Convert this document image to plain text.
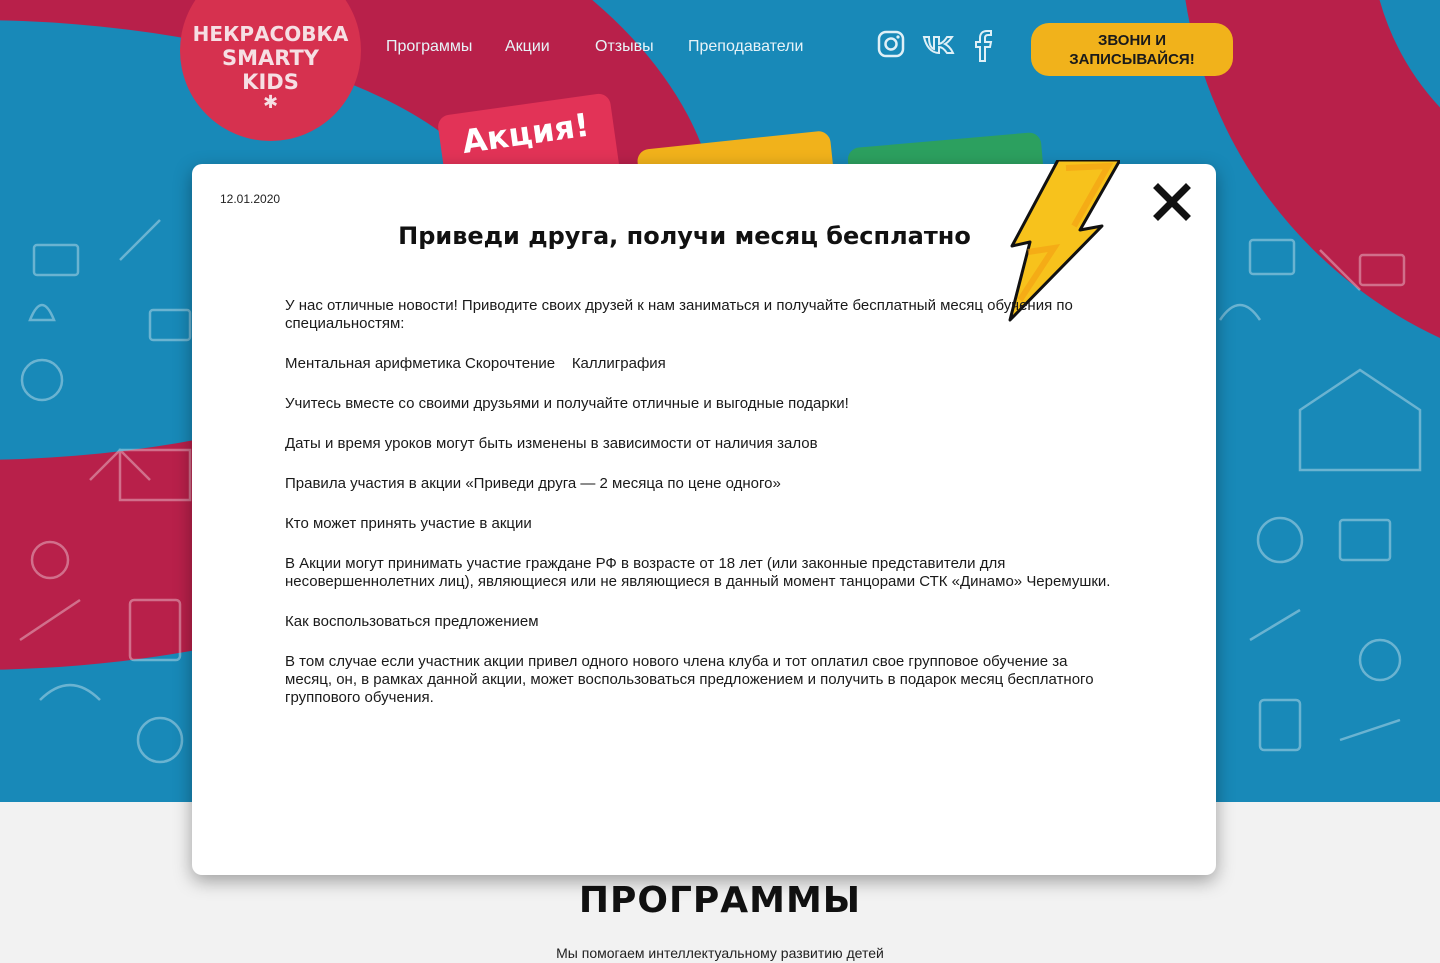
Акция!
НЕКРАСОВКА
SMARTY
KIDS
✱
Программы Акции	Отзывы Преподаватели	ЗВОНИ И
ЗАПИСЫВАЙСЯ!
ПРОГРАММЫ
Мы помогаем интеллектуальному развитию детей
12.01.2020
Приведи друга, получи месяц бесплатно

У нас отличные новости! Приводите своих друзей к нам заниматься и получайте бесплатный месяц обучения по специальностям:

Ментальная арифметика Скорочтение    Каллиграфия

Учитесь вместе со своими друзьями и получайте отличные и выгодные подарки!

Даты и время уроков могут быть изменены в зависимости от наличия залов

Правила участия в акции «Приведи друга — 2 месяца по цене одного»

Кто может принять участие в акции

В Акции могут принимать участие граждане РФ в возрасте от 18 лет (или законные представители для несовершеннолетних лиц), являющиеся или не являющиеся в данный момент танцорами СТК «Динамо» Черемушки.

Как воспользоваться предложением

В том случае если участник акции привел одного нового члена клуба и тот оплатил свое групповое обучение за месяц, он, в рамках данной акции, может воспользоваться предложением и получить в подарок месяц бесплатного группового обучения.
